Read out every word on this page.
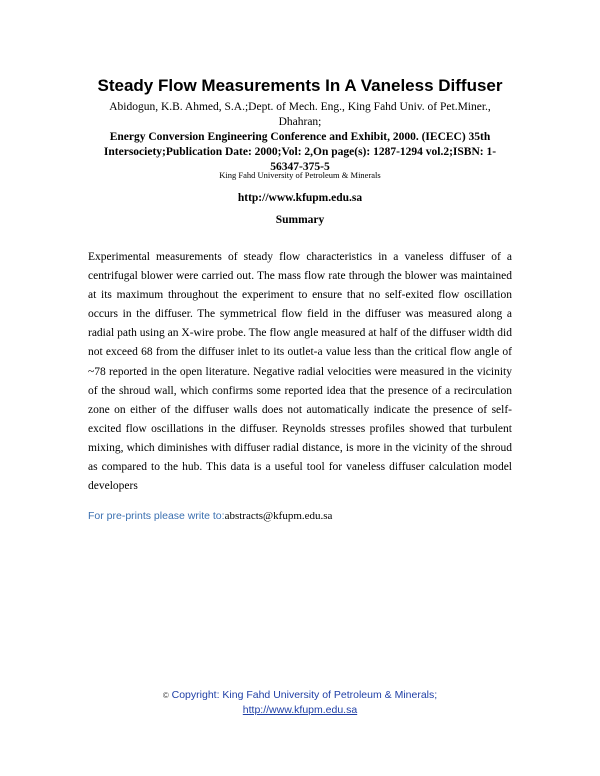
Steady Flow Measurements In A Vaneless Diffuser
Abidogun, K.B. Ahmed, S.A.;Dept. of Mech. Eng., King Fahd Univ. of Pet.Miner., Dhahran;
Energy Conversion Engineering Conference and Exhibit, 2000. (IECEC) 35th Intersociety;Publication Date: 2000;Vol: 2,On page(s): 1287-1294 vol.2;ISBN: 1-56347-375-5
King Fahd University of Petroleum & Minerals
http://www.kfupm.edu.sa
Summary
Experimental measurements of steady flow characteristics in a vaneless diffuser of a centrifugal blower were carried out. The mass flow rate through the blower was maintained at its maximum throughout the experiment to ensure that no self-exited flow oscillation occurs in the diffuser. The symmetrical flow field in the diffuser was measured along a radial path using an X-wire probe. The flow angle measured at half of the diffuser width did not exceed 68 from the diffuser inlet to its outlet-a value less than the critical flow angle of ~78 reported in the open literature. Negative radial velocities were measured in the vicinity of the shroud wall, which confirms some reported idea that the presence of a recirculation zone on either of the diffuser walls does not automatically indicate the presence of self-excited flow oscillations in the diffuser. Reynolds stresses profiles showed that turbulent mixing, which diminishes with diffuser radial distance, is more in the vicinity of the shroud as compared to the hub. This data is a useful tool for vaneless diffuser calculation model developers
For pre-prints please write to:abstracts@kfupm.edu.sa
© Copyright: King Fahd University of Petroleum & Minerals;
http://www.kfupm.edu.sa
